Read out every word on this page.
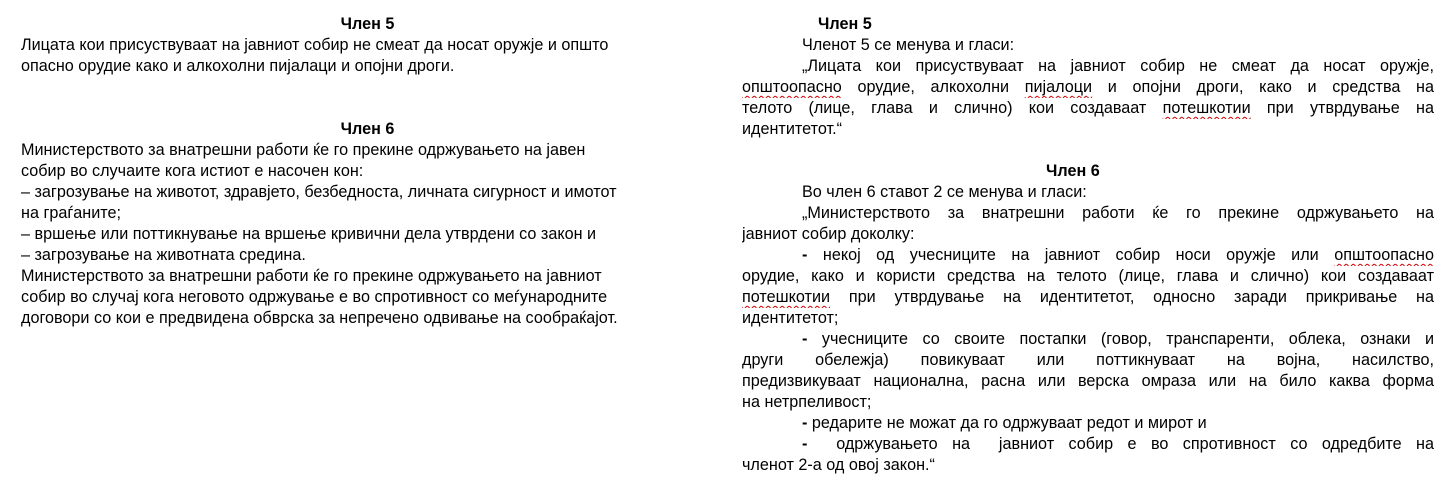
Член 5
Лицата кои присуствуваат на јавниот собир не смеат да носат оружје и општо
опасно орудие како и алкохолни пијалаци и опојни дроги.
Член 6
Министерството за внатрешни работи ќе го прекине одржувањето на јавен
собир во случаите кога истиот е насочен кон:
– загрозување на животот, здравјето, безбедноста, личната сигурност и имотот
на граѓаните;
– вршење или поттикнување на вршење кривични дела утврдени со закон и
– загрозување на животната средина.
Министерството за внатрешни работи ќе го прекине одржувањето на јавниот
собир во случај кога неговото одржување е во спротивност со меѓународните
договори со кои е предвидена обврска за непречено одвивање на сообраќајот.
Член 5
Членот 5 се менува и гласи:
„Лицата кои присуствуваат на јавниот собир не смеат да носат оружје,
општоопасно орудие, алкохолни пијалоци и опојни дроги, како и средства на
телото (лице, глава и слично) кои создаваат потешкотии при утврдување на
идентитетот.“
Член 6
Во член 6 ставот 2 се менува и гласи:
„Министерството за внатрешни работи ќе го прекине одржувањето на
јавниот собир доколку:
- некој од учесниците на јавниот собир носи оружје или општоопасно
орудие, како и користи средства на телото (лице, глава и слично) кои создаваат
потешкотии при утврдување на идентитетот, односно заради прикривање на
идентитетот;
- учесниците со своите постапки (говор, транспаренти, облека, ознаки и
други обележја) повикуваат или поттикнуваат на војна, насилство,
предизвикуваат национална, расна или верска омраза или на било каква форма
на нетрпеливост;
- редарите не можат да го одржуваат редот и мирот и
-  одржувањето на  јавниот собир е во спротивност со одредбите на
членот 2-а од овој закон.“
